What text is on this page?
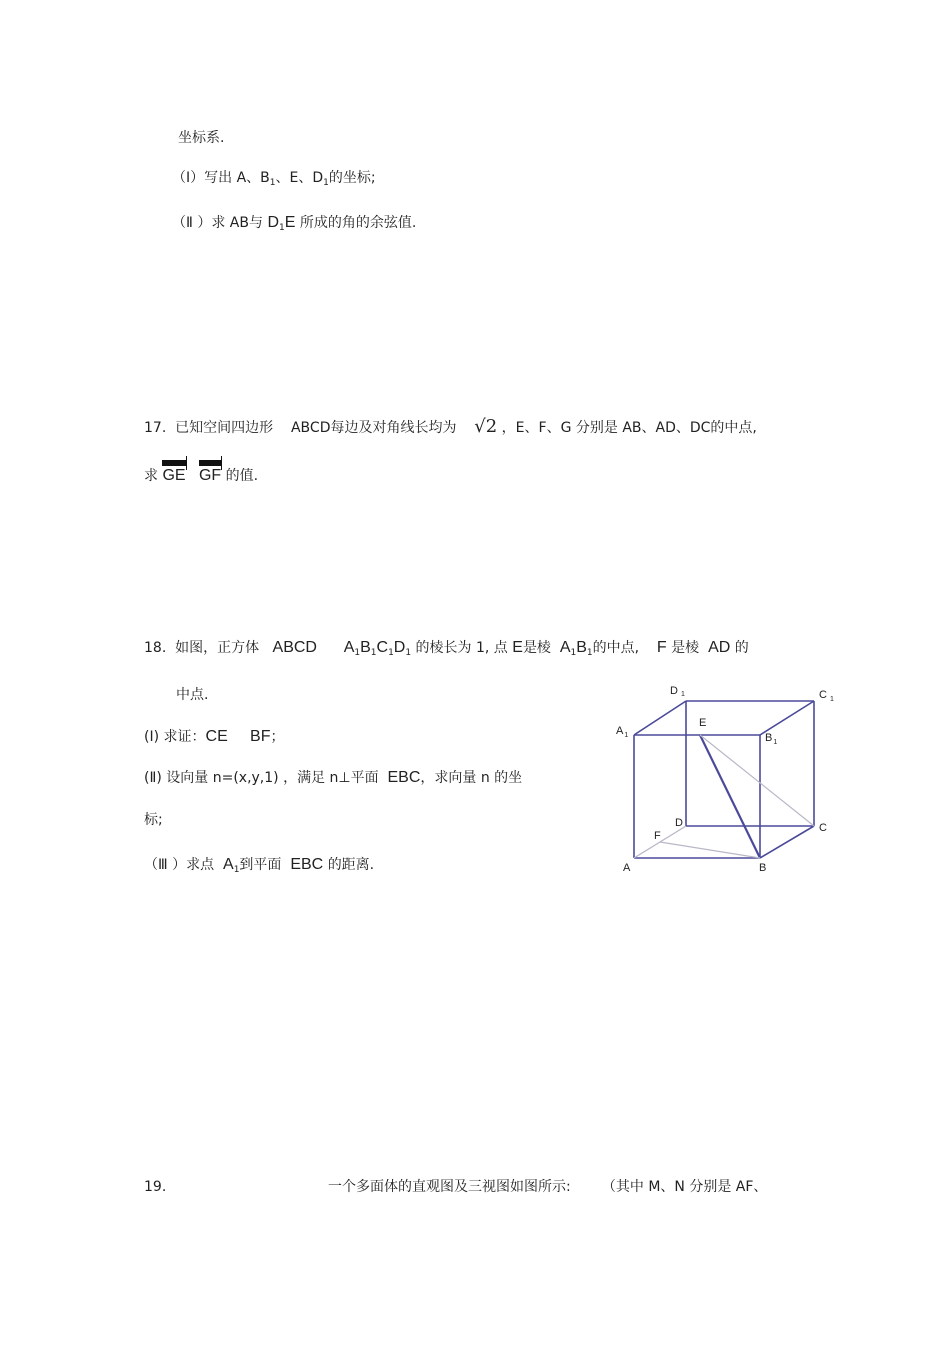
坐标系.
（Ⅰ）写出 A、$B_1$、E、$D_1$的坐标;
（Ⅱ ）求 AB与 $D_1E$ 所成的角的余弦值.
17. 已知空间四边形 ABCD每边及对角线长均为 √2 ，E、F、G 分别是 AB、AD、DC的中点,
求 GE GF 的值.
18. 如图，正方体 ABCD $A_1B_1C_1D_1$ 的棱长为 1, 点 E是棱 $A_1B_1$的中点, F 是棱 AD 的
中点.
(Ⅰ) 求证：CE BF；
(Ⅱ) 设向量 n=(x,y,1) ，满足 n⊥平面 EBC，求向量 n 的坐
标;
（Ⅲ ）求点 $A_1$到平面 EBC 的距离.
D 1	C $_1$
$A_1$
E
$B_1$
D	C
F
A	B
19.	一个多面体的直观图及三视图如图所示: （其中 M、N 分别是 AF、
